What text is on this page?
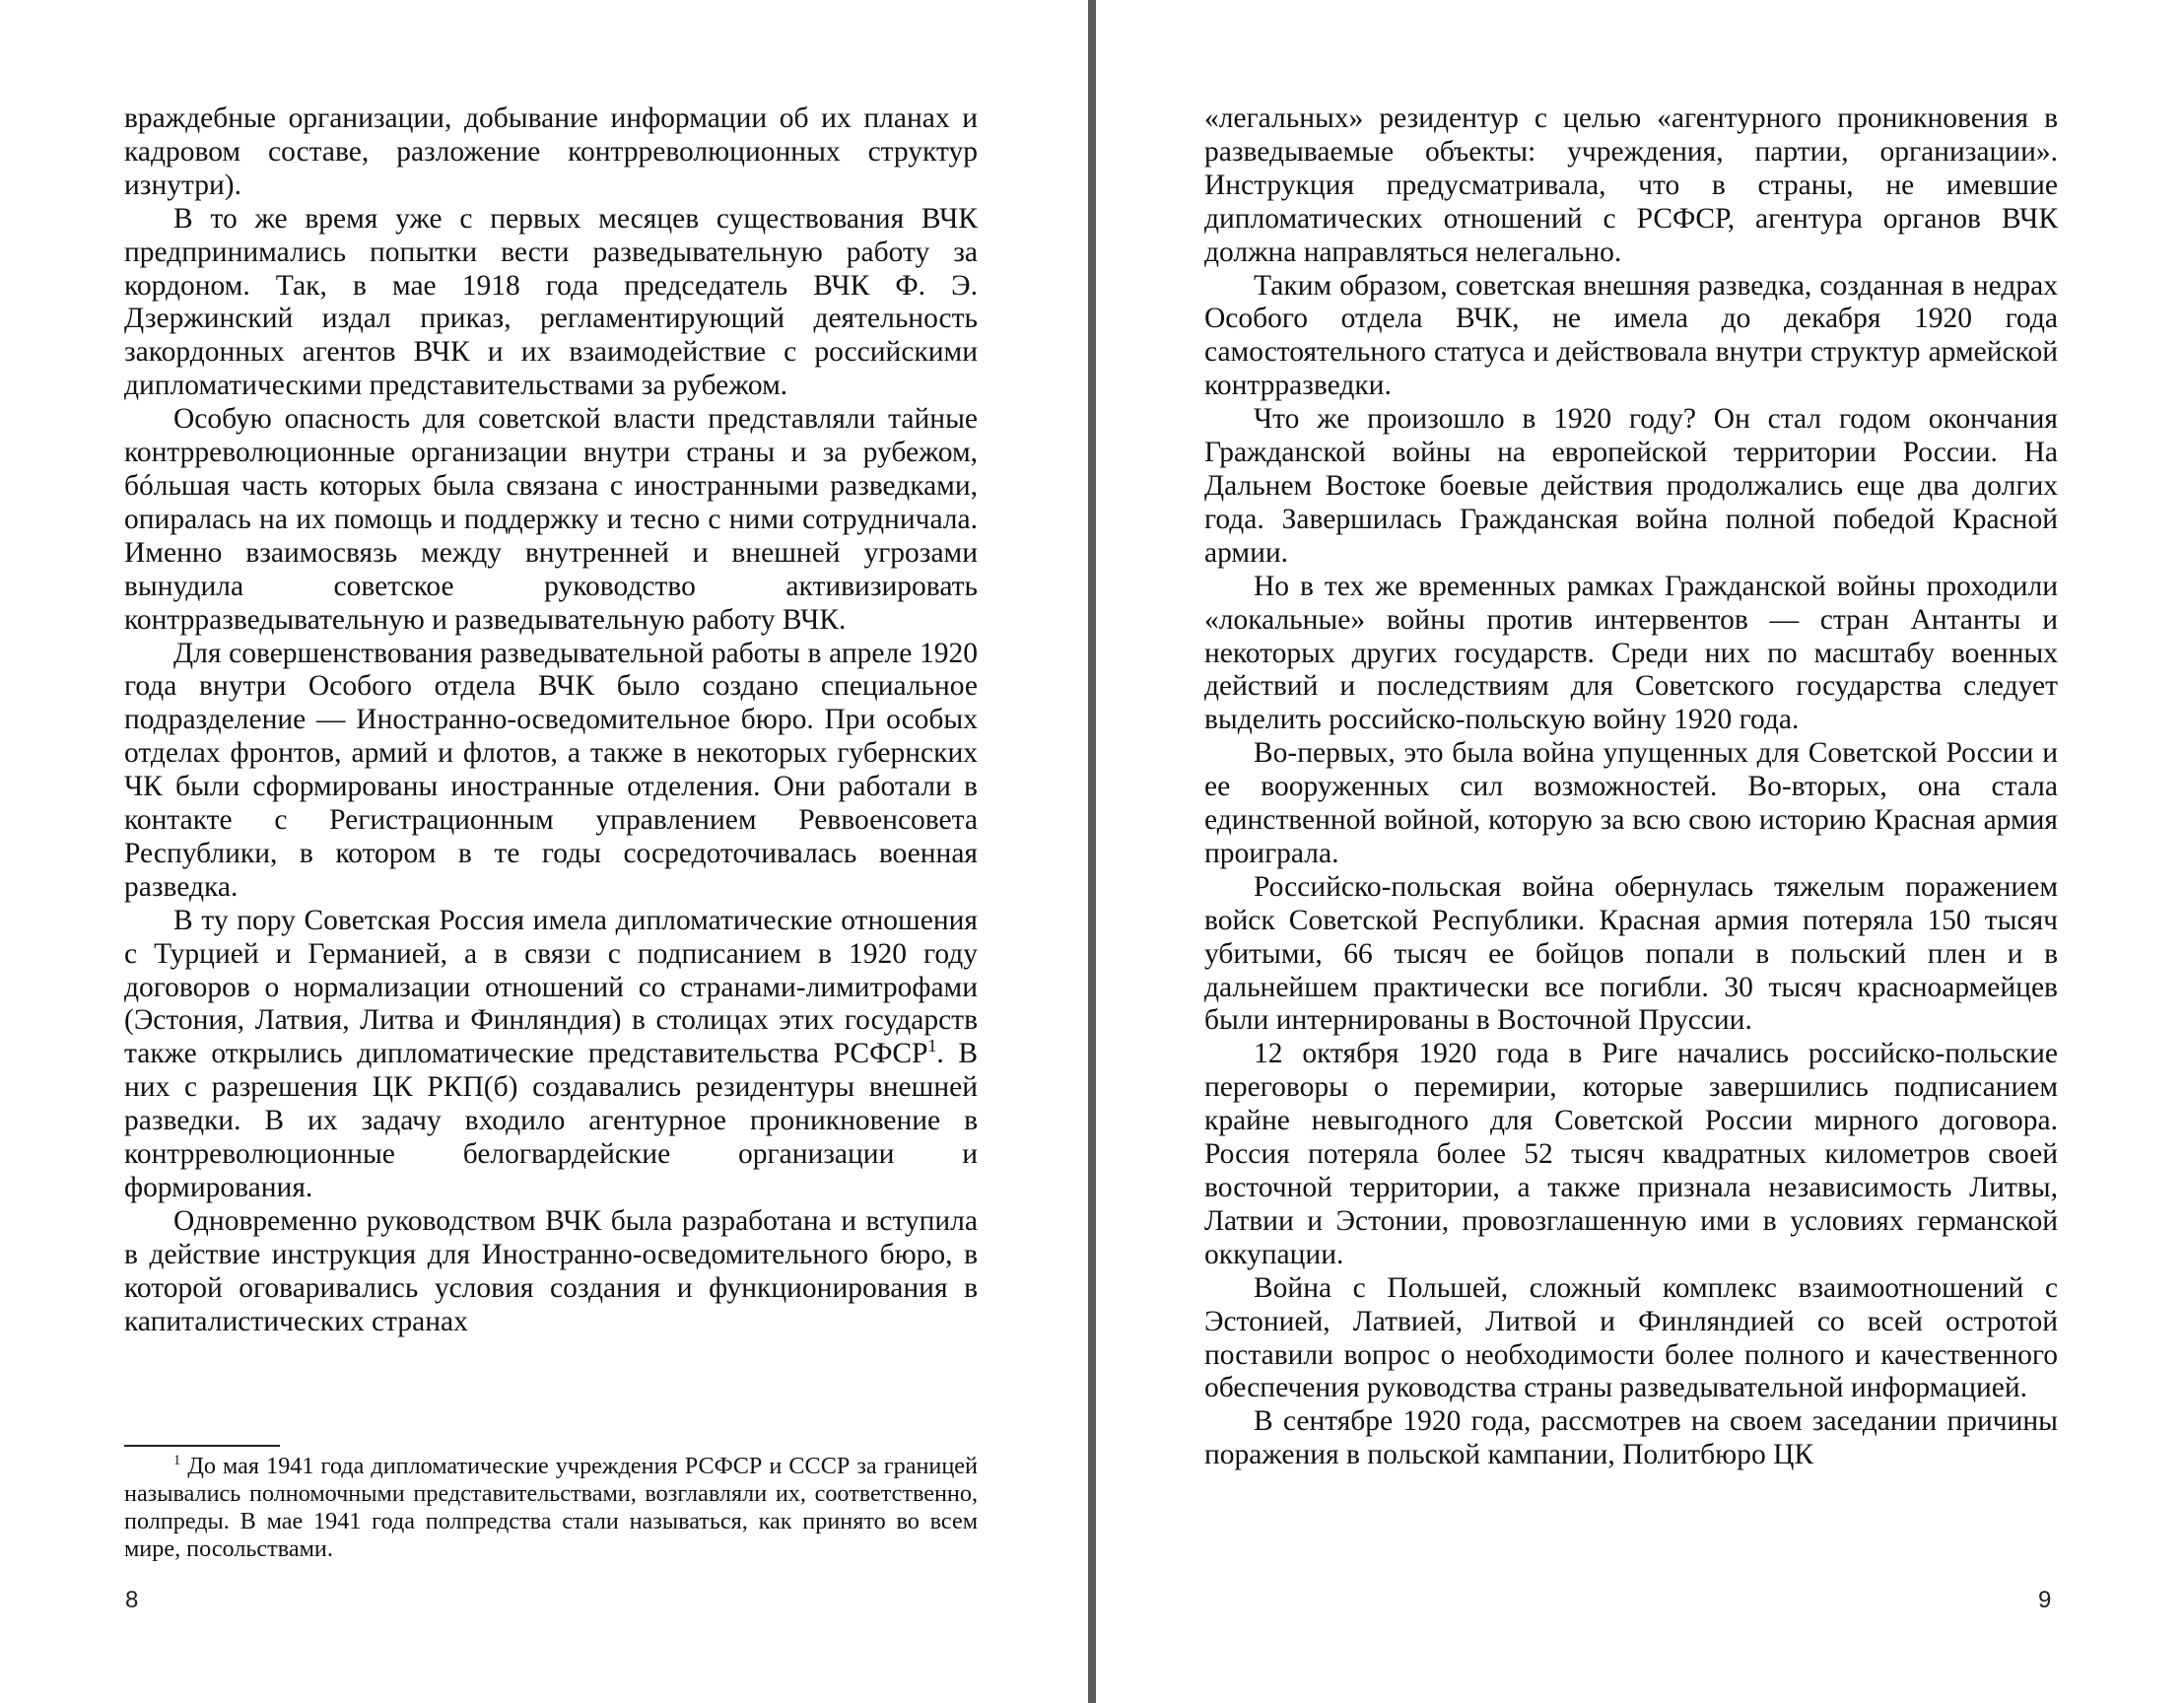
враждебные организации, добывание информации об их планах и кадровом составе, разложение контрреволюционных структур изнутри).

В то же время уже с первых месяцев существования ВЧК предпринимались попытки вести разведывательную работу за кордоном. Так, в мае 1918 года председатель ВЧК Ф. Э. Дзержинский издал приказ, регламентирующий деятельность закордонных агентов ВЧК и их взаимодействие с российскими дипломатическими представительствами за рубежом.

Особую опасность для советской власти представляли тайные контрреволюционные организации внутри страны и за рубежом, бóльшая часть которых была связана с иностранными разведками, опиралась на их помощь и поддержку и тесно с ними сотрудничала. Именно взаимосвязь между внутренней и внешней угрозами вынудила советское руководство активизировать контрразведывательную и разведывательную работу ВЧК.

Для совершенствования разведывательной работы в апреле 1920 года внутри Особого отдела ВЧК было создано специальное подразделение — Иностранно-осведомительное бюро. При особых отделах фронтов, армий и флотов, а также в некоторых губернских ЧК были сформированы иностранные отделения. Они работали в контакте с Регистрационным управлением Реввоенсовета Республики, в котором в те годы сосредоточивалась военная разведка.

В ту пору Советская Россия имела дипломатические отношения с Турцией и Германией, а в связи с подписанием в 1920 году договоров о нормализации отношений со странами-лимитрофами (Эстония, Латвия, Литва и Финляндия) в столицах этих государств также открылись дипломатические представительства РСФСР$^1$. В них с разрешения ЦК РКП(б) создавались резидентуры внешней разведки. В их задачу входило агентурное проникновение в контрреволюционные белогвардейские организации и формирования.

Одновременно руководством ВЧК была разработана и вступила в действие инструкция для Иностранно-осведомительного бюро, в которой оговаривались условия создания и функционирования в капиталистических странах

$^1$ До мая 1941 года дипломатические учреждения РСФСР и СССР за границей назывались полномочными представительствами, возглавляли их, соответственно, полпреды. В мае 1941 года полпредства стали называться, как принято во всем мире, посольствами.

8

«легальных» резидентур с целью «агентурного проникновения в разведываемые объекты: учреждения, партии, организации». Инструкция предусматривала, что в страны, не имевшие дипломатических отношений с РСФСР, агентура органов ВЧК должна направляться нелегально.

Таким образом, советская внешняя разведка, созданная в недрах Особого отдела ВЧК, не имела до декабря 1920 года самостоятельного статуса и действовала внутри структур армейской контрразведки.

Что же произошло в 1920 году? Он стал годом окончания Гражданской войны на европейской территории России. На Дальнем Востоке боевые действия продолжались еще два долгих года. Завершилась Гражданская война полной победой Красной армии.

Но в тех же временных рамках Гражданской войны проходили «локальные» войны против интервентов — стран Антанты и некоторых других государств. Среди них по масштабу военных действий и последствиям для Советского государства следует выделить российско-польскую войну 1920 года.

Во-первых, это была война упущенных для Советской России и ее вооруженных сил возможностей. Во-вторых, она стала единственной войной, которую за всю свою историю Красная армия проиграла.

Российско-польская война обернулась тяжелым поражением войск Советской Республики. Красная армия потеряла 150 тысяч убитыми, 66 тысяч ее бойцов попали в польский плен и в дальнейшем практически все погибли. 30 тысяч красноармейцев были интернированы в Восточной Пруссии.

12 октября 1920 года в Риге начались российско-польские переговоры о перемирии, которые завершились подписанием крайне невыгодного для Советской России мирного договора. Россия потеряла более 52 тысяч квадратных километров своей восточной территории, а также признала независимость Литвы, Латвии и Эстонии, провозглашенную ими в условиях германской оккупации.

Война с Польшей, сложный комплекс взаимоотношений с Эстонией, Латвией, Литвой и Финляндией со всей остротой поставили вопрос о необходимости более полного и качественного обеспечения руководства страны разведывательной информацией.

В сентябре 1920 года, рассмотрев на своем заседании причины поражения в польской кампании, Политбюро ЦК

9
